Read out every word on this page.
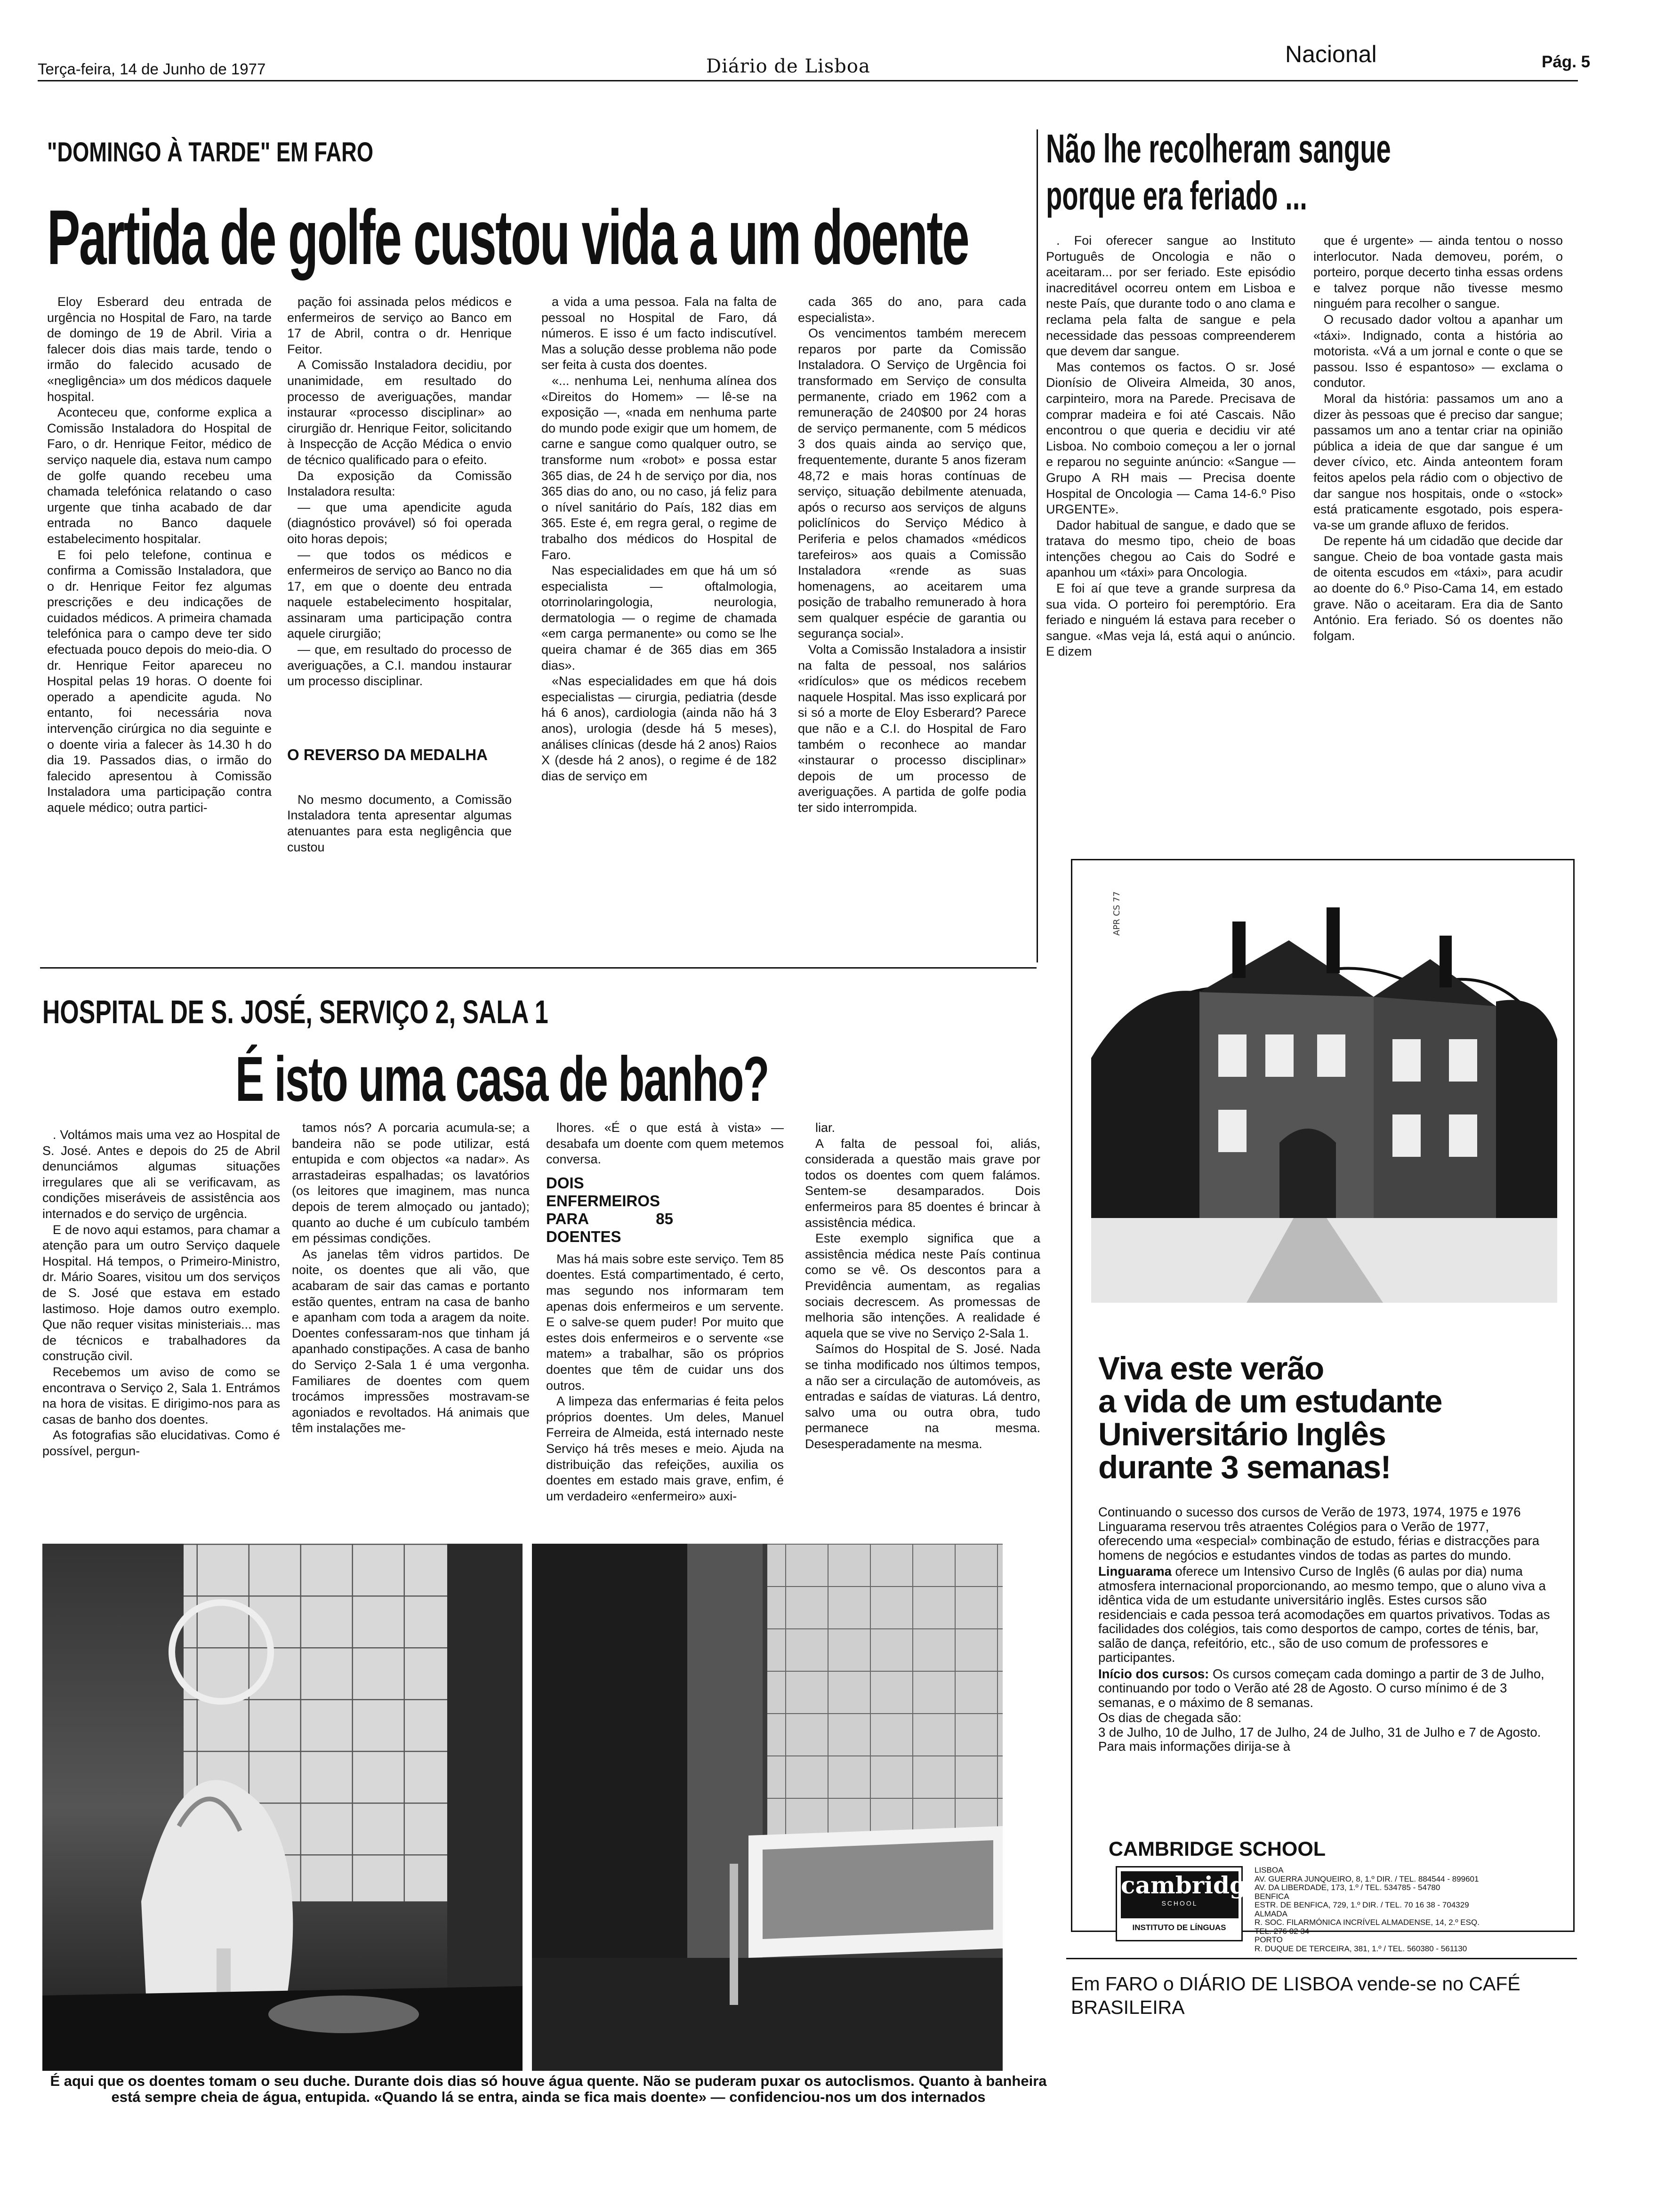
Terça-feira, 14 de Junho de 1977	Diário de Lisboa	Nacional	Pág. 5
"DOMINGO À TARDE" EM FARO
Partida de golfe custou vida a um doente

Eloy Esberard deu entrada de urgência no Hospital de Faro, na tarde de domingo de 19 de Abril. Viria a falecer dois dias mais tarde, tendo o irmão do falecido acusado de «negligência» um dos médicos daquele hospital.

Aconteceu que, conforme explica a Comissão Instaladora do Hospital de Faro, o dr. Henrique Feitor, médico de serviço naquele dia, estava num campo de golfe quando recebeu uma chamada telefónica relatando o caso urgente que tinha acabado de dar entrada no Banco daquele estabelecimento hospitalar.

E foi pelo telefone, continua e confirma a Comissão Instaladora, que o dr. Henrique Feitor fez algumas prescrições e deu indicações de cuidados médicos. A primeira chamada telefónica para o campo deve ter sido efectuada pouco depois do meio-dia. O dr. Henrique Feitor apareceu no Hospital pelas 19 horas. O doente foi operado a apendicite aguda. No entanto, foi necessária nova intervenção cirúrgica no dia seguinte e o doente viria a falecer às 14.30 h do dia 19. Passados dias, o irmão do falecido apresentou à Comissão Instaladora uma participação contra aquele médico; outra partici-

pação foi assinada pelos médicos e enfermeiros de serviço ao Banco em 17 de Abril, contra o dr. Henrique Feitor.

A Comissão Instaladora decidiu, por unanimidade, em resultado do processo de averiguações, mandar instaurar «processo disciplinar» ao cirurgião dr. Henrique Feitor, solicitando à Inspecção de Acção Médica o envio de técnico qualificado para o efeito.

Da exposição da Comissão Instaladora resulta:

— que uma apendicite aguda (diagnóstico provável) só foi operada oito horas depois;

— que todos os médicos e enfermeiros de serviço ao Banco no dia 17, em que o doente deu entrada naquele estabelecimento hospitalar, assinaram uma participação contra aquele cirurgião;

— que, em resultado do processo de averiguações, a C.I. mandou instaurar um processo disciplinar.

O REVERSO DA MEDALHA

No mesmo documento, a Comissão Instaladora tenta apresentar algumas atenuantes para esta negligência que custou

a vida a uma pessoa. Fala na falta de pessoal no Hospital de Faro, dá números. E isso é um facto indiscutível. Mas a solução desse problema não pode ser feita à custa dos doentes.

«... nenhuma Lei, nenhuma alínea dos «Direitos do Homem» — lê-se na exposição —, «nada em nenhuma parte do mundo pode exigir que um homem, de carne e sangue como qualquer outro, se transforme num «robot» e possa estar 365 dias, de 24 h de serviço por dia, nos 365 dias do ano, ou no caso, já feliz para o nível sanitário do País, 182 dias em 365. Este é, em regra geral, o regime de trabalho dos médicos do Hospital de Faro.

Nas especialidades em que há um só especialista — oftalmologia, otorrinolaringologia, neurologia, dermatologia — o regime de chamada «em carga permanente» ou como se lhe queira chamar é de 365 dias em 365 dias».

«Nas especialidades em que há dois especialistas — cirurgia, pediatria (desde há 6 anos), cardiologia (ainda não há 3 anos), urologia (desde há 5 meses), análises clínicas (desde há 2 anos) Raios X (desde há 2 anos), o regime é de 182 dias de serviço em

cada 365 do ano, para cada especialista».

Os vencimentos também merecem reparos por parte da Comissão Instaladora. O Serviço de Urgência foi transformado em Serviço de consulta permanente, criado em 1962 com a remuneração de 240$00 por 24 horas de serviço permanente, com 5 médicos 3 dos quais ainda ao serviço que, frequentemente, durante 5 anos fizeram 48,72 e mais horas contínuas de serviço, situação debilmente atenuada, após o recurso aos serviços de alguns policlínicos do Serviço Médico à Periferia e pelos chamados «médicos tarefeiros» aos quais a Comissão Instaladora «rende as suas homenagens, ao aceitarem uma posição de trabalho remunerado à hora sem qualquer espécie de garantia ou segurança social».

Volta a Comissão Instaladora a insistir na falta de pessoal, nos salários «ridículos» que os médicos recebem naquele Hospital. Mas isso explicará por si só a morte de Eloy Esberard? Parece que não e a C.I. do Hospital de Faro também o reconhece ao mandar «instaurar o processo disciplinar» depois de um processo de averiguações. A partida de golfe podia ter sido interrompida.

Não lhe recolheram sangue
porque era feriado ...

. Foi oferecer sangue ao Instituto Português de Oncologia e não o aceitaram... por ser feriado. Este episódio inacreditável ocorreu ontem em Lisboa e neste País, que durante todo o ano clama e reclama pela falta de sangue e pela necessidade das pessoas compreenderem que devem dar sangue.

Mas contemos os factos. O sr. José Dionísio de Oliveira Almeida, 30 anos, carpinteiro, mora na Parede. Precisava de comprar madeira e foi até Cascais. Não encontrou o que queria e decidiu vir até Lisboa. No comboio começou a ler o jornal e reparou no seguinte anúncio: «Sangue — Grupo A RH mais — Precisa doente Hospital de Oncologia — Cama 14-6.º Piso URGENTE».

Dador habitual de sangue, e dado que se tratava do mesmo tipo, cheio de boas intenções chegou ao Cais do Sodré e apanhou um «táxi» para Oncologia.

E foi aí que teve a grande surpresa da sua vida. O porteiro foi peremptório. Era feriado e ninguém lá estava para receber o sangue. «Mas veja lá, está aqui o anúncio. E dizem

que é urgente» — ainda tentou o nosso interlocutor. Nada demoveu, porém, o porteiro, porque decerto tinha essas ordens e talvez porque não tivesse mesmo ninguém para recolher o sangue.

O recusado dador voltou a apanhar um «táxi». Indignado, conta a história ao motorista. «Vá a um jornal e conte o que se passou. Isso é espantoso» — exclama o condutor.

Moral da história: passamos um ano a dizer às pessoas que é preciso dar sangue; passamos um ano a tentar criar na opinião pública a ideia de que dar sangue é um dever cívico, etc. Ainda anteontem foram feitos apelos pela rádio com o objectivo de dar sangue nos hospitais, onde o «stock» está praticamente esgotado, pois espera-va-se um grande afluxo de feridos.

De repente há um cidadão que decide dar sangue. Cheio de boa vontade gasta mais de oitenta escudos em «táxi», para acudir ao doente do 6.º Piso-Cama 14, em estado grave. Não o aceitaram. Era dia de Santo António. Era feriado. Só os doentes não folgam.

HOSPITAL DE S. JOSÉ, SERVIÇO 2, SALA 1
É isto uma casa de banho?

. Voltámos mais uma vez ao Hospital de S. José. Antes e depois do 25 de Abril denunciámos algumas situações irregulares que ali se verificavam, as condições miseráveis de assistência aos internados e do serviço de urgência.

E de novo aqui estamos, para chamar a atenção para um outro Serviço daquele Hospital. Há tempos, o Primeiro-Ministro, dr. Mário Soares, visitou um dos serviços de S. José que estava em estado lastimoso. Hoje damos outro exemplo. Que não requer visitas ministeriais... mas de técnicos e trabalhadores da construção civil.

Recebemos um aviso de como se encontrava o Serviço 2, Sala 1. Entrámos na hora de visitas. E dirigimo-nos para as casas de banho dos doentes.

As fotografias são elucidativas. Como é possível, pergun-

tamos nós? A porcaria acumula-se; a bandeira não se pode utilizar, está entupida e com objectos «a nadar». As arrastadeiras espalhadas; os lavatórios (os leitores que imaginem, mas nunca depois de terem almoçado ou jantado); quanto ao duche é um cubículo também em péssimas condições.

As janelas têm vidros partidos. De noite, os doentes que ali vão, que acabaram de sair das camas e portanto estão quentes, entram na casa de banho e apanham com toda a aragem da noite. Doentes confessaram-nos que tinham já apanhado constipações. A casa de banho do Serviço 2-Sala 1 é uma vergonha. Familiares de doentes com quem trocámos impressões mostravam-se agoniados e revoltados. Há animais que têm instalações me-

lhores. «É o que está à vista» — desabafa um doente com quem metemos conversa.

DOIS ENFERMEIROS PARA 85 DOENTES

Mas há mais sobre este serviço. Tem 85 doentes. Está compartimentado, é certo, mas segundo nos informaram tem apenas dois enfermeiros e um servente. E o salve-se quem puder! Por muito que estes dois enfermeiros e o servente «se matem» a trabalhar, são os próprios doentes que têm de cuidar uns dos outros.

A limpeza das enfermarias é feita pelos próprios doentes. Um deles, Manuel Ferreira de Almeida, está internado neste Serviço há três meses e meio. Ajuda na distribuição das refeições, auxilia os doentes em estado mais grave, enfim, é um verdadeiro «enfermeiro» auxi-

liar.

A falta de pessoal foi, aliás, considerada a questão mais grave por todos os doentes com quem falámos. Sentem-se desamparados. Dois enfermeiros para 85 doentes é brincar à assistência médica.

Este exemplo significa que a assistência médica neste País continua como se vê. Os descontos para a Previdência aumentam, as regalias sociais decrescem. As promessas de melhoria são intenções. A realidade é aquela que se vive no Serviço 2-Sala 1.

Saímos do Hospital de S. José. Nada se tinha modificado nos últimos tempos, a não ser a circulação de automóveis, as entradas e saídas de viaturas. Lá dentro, salvo uma ou outra obra, tudo permanece na mesma. Desesperadamente na mesma.

É aqui que os doentes tomam o seu duche. Durante dois dias só houve água quente. Não se puderam puxar os autoclismos. Quanto à banheira está sempre cheia de água, entupida. «Quando lá se entra, ainda se fica mais doente» — confidenciou-nos um dos internados
APR CS 77
Viva este verão
a vida de um estudante
Universitário Inglês
durante 3 semanas!

Continuando o sucesso dos cursos de Verão de 1973, 1974, 1975 e 1976 Linguarama reservou três atraentes Colégios para o Verão de 1977, oferecendo uma «especial» combinação de estudo, férias e distracções para homens de negócios e estudantes vindos de todas as partes do mundo.

Linguarama oferece um Intensivo Curso de Inglês (6 aulas por dia) numa atmosfera internacional proporcionando, ao mesmo tempo, que o aluno viva a idêntica vida de um estudante universitário inglês. Estes cursos são residenciais e cada pessoa terá acomodações em quartos privativos. Todas as facilidades dos colégios, tais como desportos de campo, cortes de ténis, bar, salão de dança, refeitório, etc., são de uso comum de professores e participantes.

Início dos cursos: Os cursos começam cada domingo a partir de 3 de Julho, continuando por todo o Verão até 28 de Agosto. O curso mínimo é de 3 semanas, e o máximo de 8 semanas.

Os dias de chegada são:

3 de Julho, 10 de Julho, 17 de Julho, 24 de Julho, 31 de Julho e 7 de Agosto.

Para mais informações dirija-se à

CAMBRIDGE SCHOOL
cambridge
SCHOOL
INSTITUTO DE LÍNGUAS
LISBOA
AV. GUERRA JUNQUEIRO, 8, 1.º DIR. / TEL. 884544 - 899601
AV. DA LIBERDADE, 173, 1.º / TEL. 534785 - 54780
BENFICA
ESTR. DE BENFICA, 729, 1.º DIR. / TEL. 70 16 38 - 704329
ALMADA
R. SOC. FILARMÓNICA INCRÍVEL ALMADENSE, 14, 2.º ESQ.
TEL. 276 02 34
PORTO
R. DUQUE DE TERCEIRA, 381, 1.º / TEL. 560380 - 561130
Em FARO o DIÁRIO DE LISBOA vende-se no CAFÉ BRASILEIRA
